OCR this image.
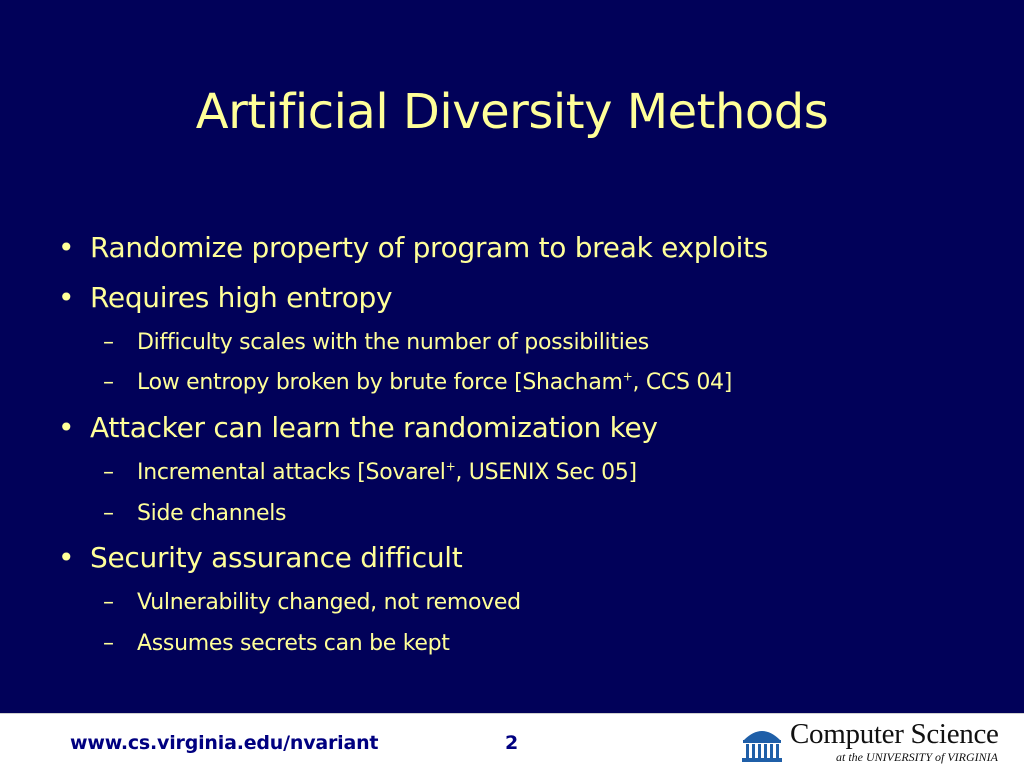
Artificial Diversity Methods
• Randomize property of program to break exploits
• Requires high entropy
– Difficulty scales with the number of possibilities
– Low entropy broken by brute force [Shacham+, CCS 04]
• Attacker can learn the randomization key
– Incremental attacks [Sovarel+, USENIX Sec 05]
– Side channels
• Security assurance difficult
– Vulnerability changed, not removed
– Assumes secrets can be kept
www.cs.virginia.edu/nvariant	2	Computer Science
at the UNIVERSITY of VIRGINIA
